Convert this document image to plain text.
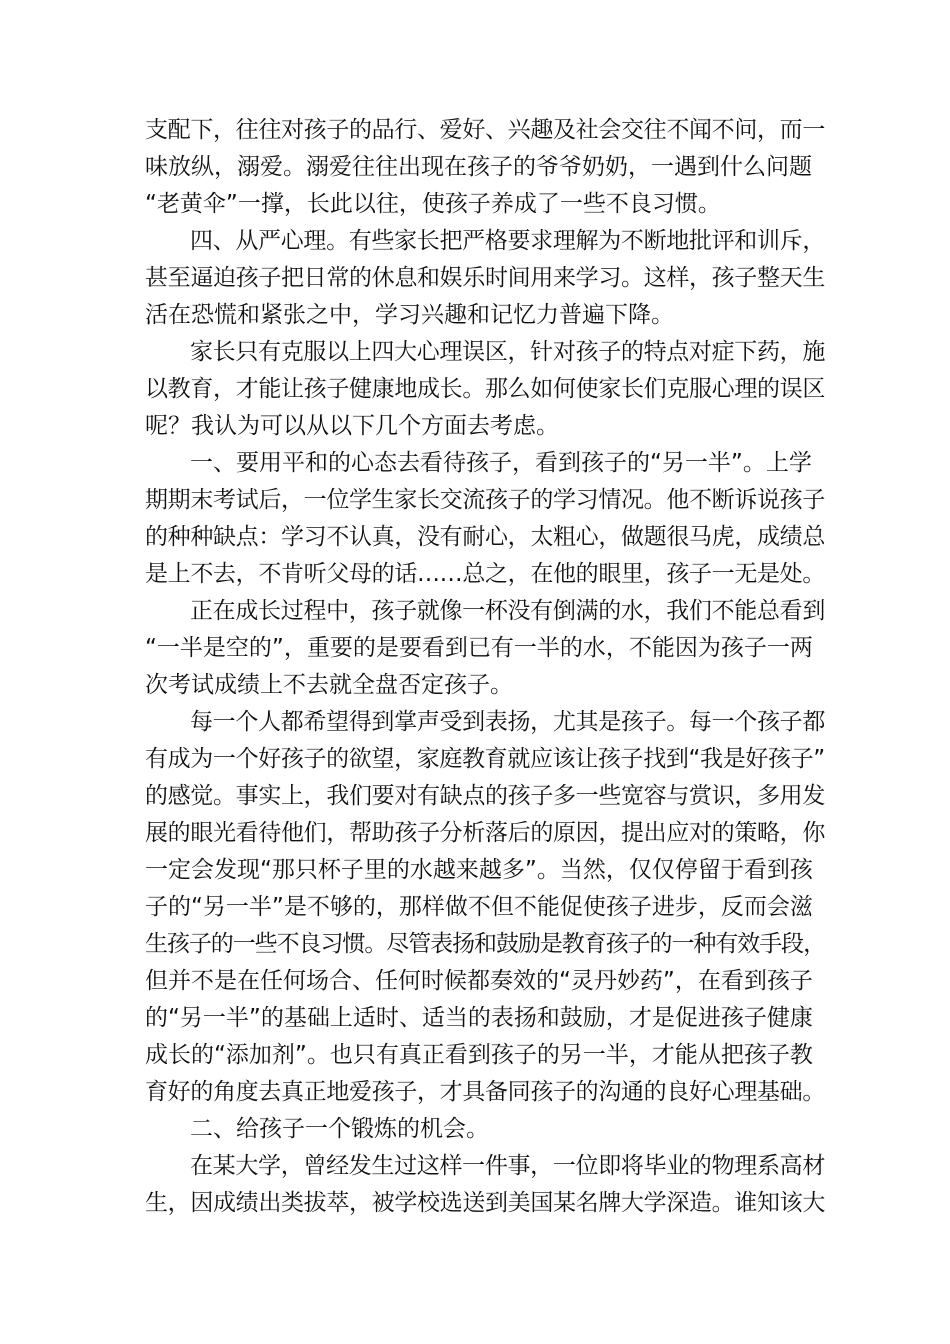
支配下，往往对孩子的品行、爱好、兴趣及社会交往不闻不问，而一
味放纵，溺爱。溺爱往往出现在孩子的爷爷奶奶，一遇到什么问题
“老黄伞”一撑，长此以往，使孩子养成了一些不良习惯。
四、从严心理。有些家长把严格要求理解为不断地批评和训斥，
甚至逼迫孩子把日常的休息和娱乐时间用来学习。这样，孩子整天生
活在恐慌和紧张之中，学习兴趣和记忆力普遍下降。
家长只有克服以上四大心理误区，针对孩子的特点对症下药，施
以教育，才能让孩子健康地成长。那么如何使家长们克服心理的误区
呢？我认为可以从以下几个方面去考虑。
一、要用平和的心态去看待孩子，看到孩子的“另一半”。上学
期期末考试后，一位学生家长交流孩子的学习情况。他不断诉说孩子
的种种缺点：学习不认真，没有耐心，太粗心，做题很马虎，成绩总
是上不去，不肯听父母的话……总之，在他的眼里，孩子一无是处。
正在成长过程中，孩子就像一杯没有倒满的水，我们不能总看到
“一半是空的”，重要的是要看到已有一半的水，不能因为孩子一两
次考试成绩上不去就全盘否定孩子。
每一个人都希望得到掌声受到表扬，尤其是孩子。每一个孩子都
有成为一个好孩子的欲望，家庭教育就应该让孩子找到“我是好孩子”
的感觉。事实上，我们要对有缺点的孩子多一些宽容与赏识，多用发
展的眼光看待他们，帮助孩子分析落后的原因，提出应对的策略，你
一定会发现“那只杯子里的水越来越多”。当然，仅仅停留于看到孩
子的“另一半”是不够的，那样做不但不能促使孩子进步，反而会滋
生孩子的一些不良习惯。尽管表扬和鼓励是教育孩子的一种有效手段，
但并不是在任何场合、任何时候都奏效的“灵丹妙药”，在看到孩子
的“另一半”的基础上适时、适当的表扬和鼓励，才是促进孩子健康
成长的“添加剂”。也只有真正看到孩子的另一半，才能从把孩子教
育好的角度去真正地爱孩子，才具备同孩子的沟通的良好心理基础。
二、给孩子一个锻炼的机会。
在某大学，曾经发生过这样一件事，一位即将毕业的物理系高材
生，因成绩出类拔萃，被学校选送到美国某名牌大学深造。谁知该大
